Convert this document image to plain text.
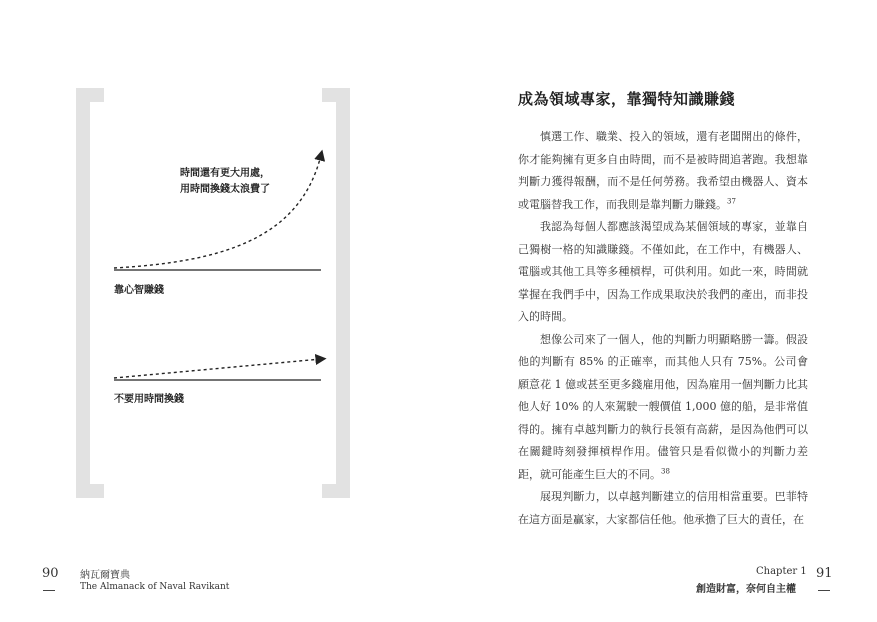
時間還有更大用處，
用時間換錢太浪費了
靠心智賺錢
不要用時間換錢
90 納瓦爾寶典
The Almanack of Naval Ravikant
成為領域專家，靠獨特知識賺錢

慎選工作、職業、投入的領域，還有老闆開出的條件，你才能夠擁有更多自由時間，而不是被時間追著跑。我想靠判斷力獲得報酬，而不是任何勞務。我希望由機器人、資本或電腦替我工作，而我則是靠判斷力賺錢。$^{37}$

我認為每個人都應該渴望成為某個領域的專家，並靠自己獨樹一格的知識賺錢。不僅如此，在工作中，有機器人、電腦或其他工具等多種槓桿，可供利用。如此一來，時間就掌握在我們手中，因為工作成果取決於我們的產出，而非投入的時間。

想像公司來了一個人，他的判斷力明顯略勝一籌。假設他的判斷有 85% 的正確率，而其他人只有 75%。公司會願意花 1 億或甚至更多錢雇用他，因為雇用一個判斷力比其他人好 10% 的人來駕駛一艘價值 1,000 億的船，是非常值得的。擁有卓越判斷力的執行長領有高薪，是因為他們可以在關鍵時刻發揮槓桿作用。儘管只是看似微小的判斷力差距，就可能產生巨大的不同。$^{38}$

展現判斷力，以卓越判斷建立的信用相當重要。巴菲特在這方面是贏家，大家都信任他。他承擔了巨大的責任，在

Chapter 1
創造財富，奈何自主權
91
